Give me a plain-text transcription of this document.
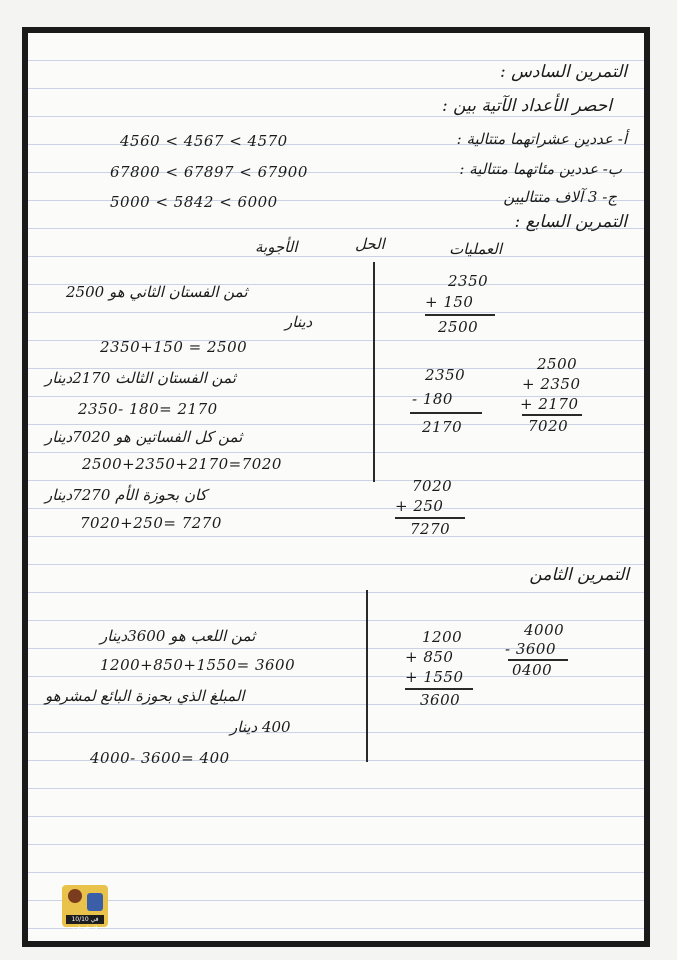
التمرين السادس :
احصر الأعداد الآتية بين :
أ- عددين عشراتهما متتالية :
4560 < 4567 < 4570
ب- عددين مئاتهما متتالية :
67800 < 67897 < 67900
ج- 3 آلاف متتاليين
5000 < 5842 < 6000
التمرين السابع :
العمليات
الحل
الأجوبة
ثمن الفستان الثاني هو 2500
دينار
2350+150 = 2500
ثمن الفستان الثالث 2170دينار
2350- 180= 2170
ثمن كل الفساتين هو 7020دينار
2500+2350+2170=7020
كان بحوزة الأم 7270دينار
7020+250= 7270
2350
+ 150
2500
2350
- 180
2170
2500
+ 2350
+ 2170
7020
7020
+ 250
7270
التمرين الثامن
ثمن اللعب هو 3600دينار
1200+850+1550= 3600
المبلغ الذي بحوزة البائع لمشرهو
400 دينار
4000- 3600= 400
1200
+ 850
+ 1550
3600
4000
- 3600
0400
10/10 في الرياضيات
